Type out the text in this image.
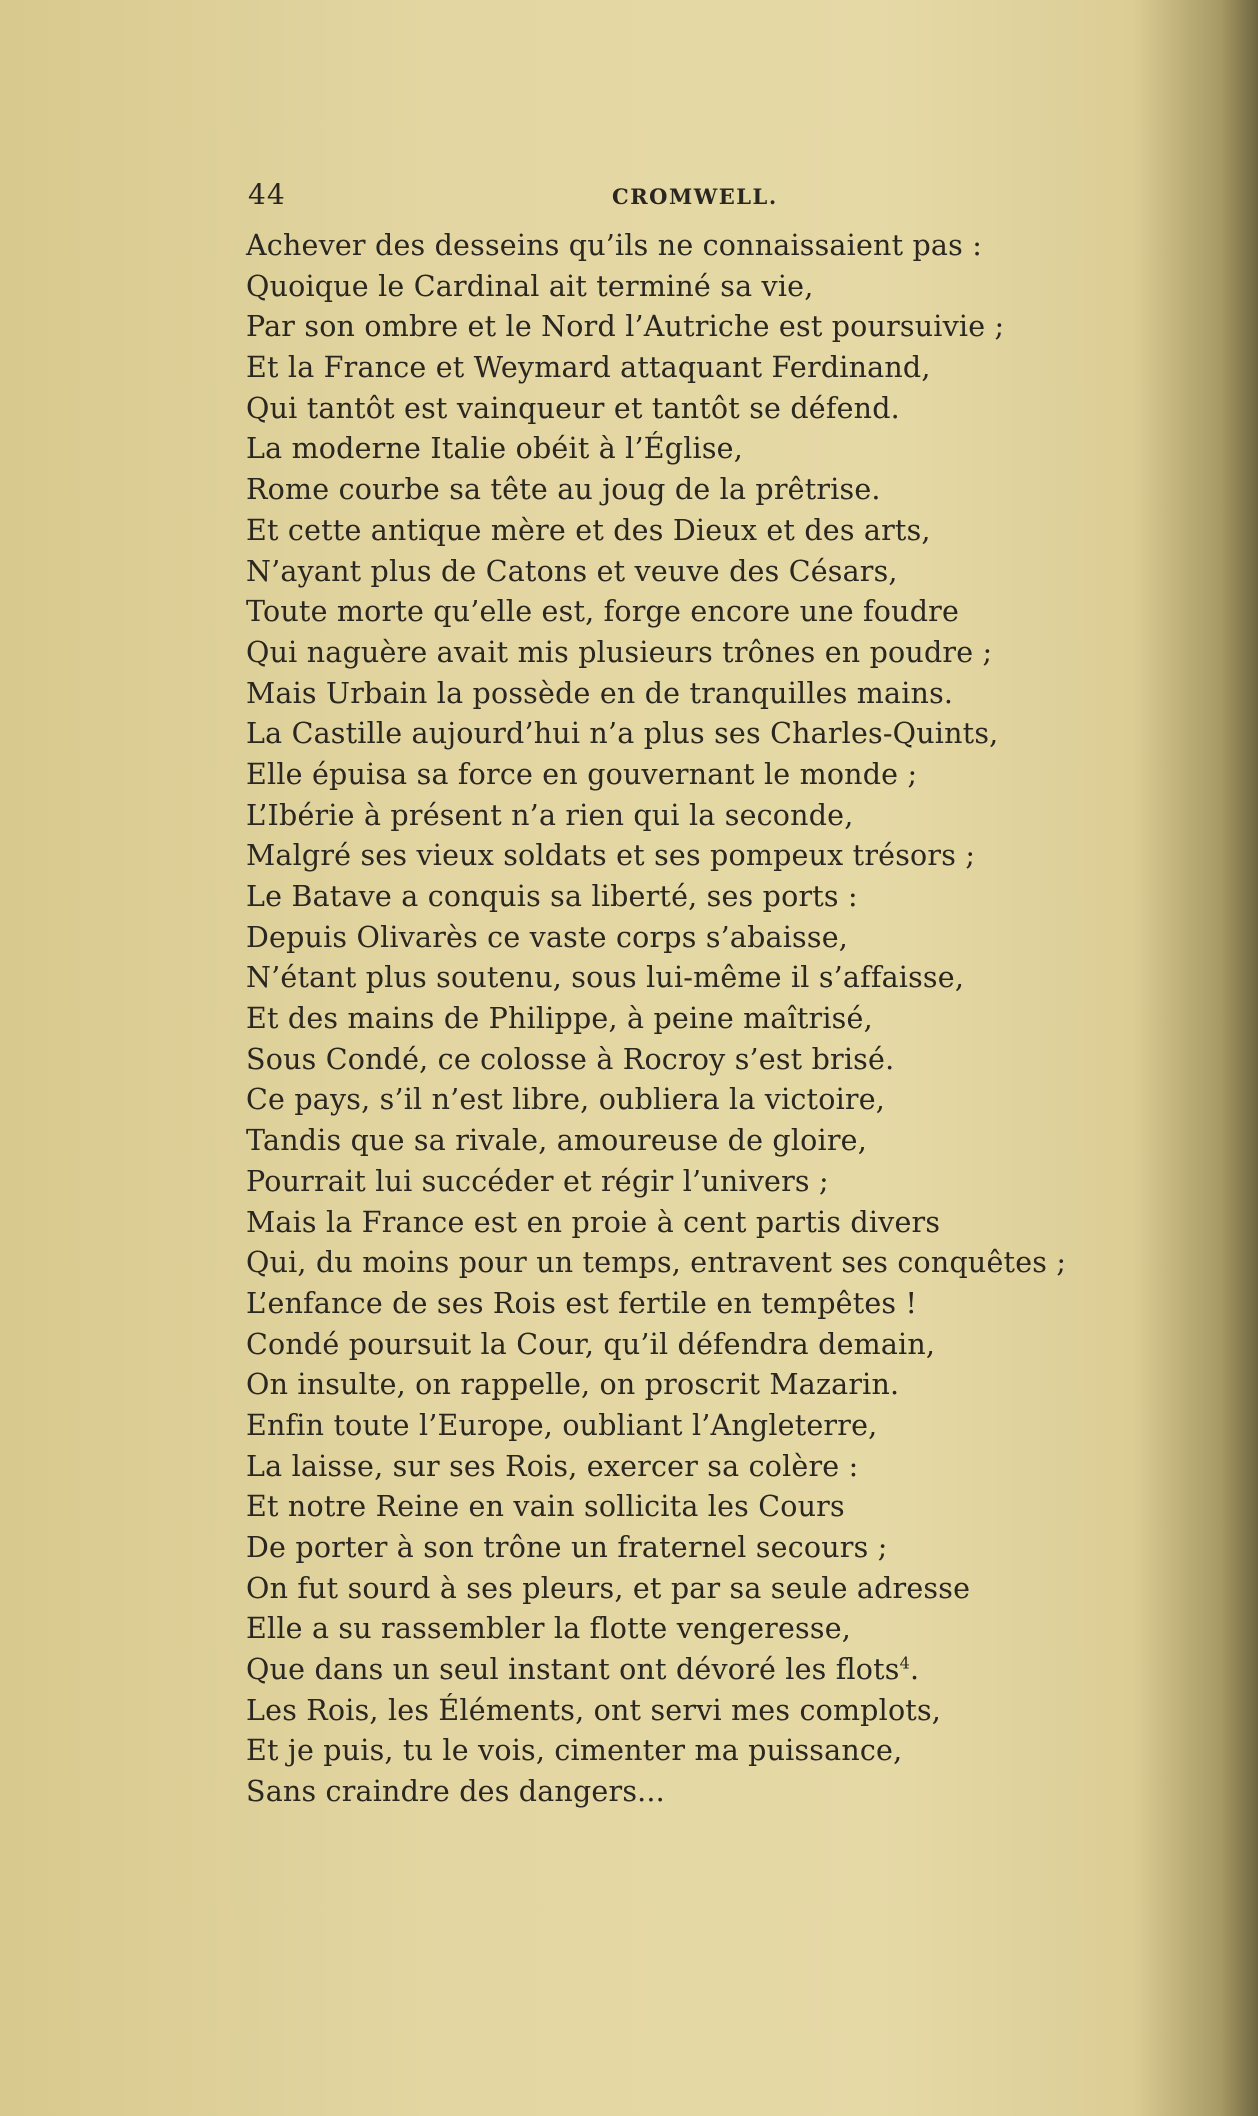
44	CROMWELL.
Achever des desseins qu’ils ne connaissaient pas :
Quoique le Cardinal ait terminé sa vie,
Par son ombre et le Nord l’Autriche est poursuivie ;
Et la France et Weymard attaquant Ferdinand,
Qui tantôt est vainqueur et tantôt se défend.
La moderne Italie obéit à l’Église,
Rome courbe sa tête au joug de la prêtrise.
Et cette antique mère et des Dieux et des arts,
N’ayant plus de Catons et veuve des Césars,
Toute morte qu’elle est, forge encore une foudre
Qui naguère avait mis plusieurs trônes en poudre ;
Mais Urbain la possède en de tranquilles mains.
La Castille aujourd’hui n’a plus ses Charles-Quints,
Elle épuisa sa force en gouvernant le monde ;
L’Ibérie à présent n’a rien qui la seconde,
Malgré ses vieux soldats et ses pompeux trésors ;
Le Batave a conquis sa liberté, ses ports :
Depuis Olivarès ce vaste corps s’abaisse,
N’étant plus soutenu, sous lui-même il s’affaisse,
Et des mains de Philippe, à peine maîtrisé,
Sous Condé, ce colosse à Rocroy s’est brisé.
Ce pays, s’il n’est libre, oubliera la victoire,
Tandis que sa rivale, amoureuse de gloire,
Pourrait lui succéder et régir l’univers ;
Mais la France est en proie à cent partis divers
Qui, du moins pour un temps, entravent ses conquêtes ;
L’enfance de ses Rois est fertile en tempêtes !
Condé poursuit la Cour, qu’il défendra demain,
On insulte, on rappelle, on proscrit Mazarin.
Enfin toute l’Europe, oubliant l’Angleterre,
La laisse, sur ses Rois, exercer sa colère :
Et notre Reine en vain sollicita les Cours
De porter à son trône un fraternel secours ;
On fut sourd à ses pleurs, et par sa seule adresse
Elle a su rassembler la flotte vengeresse,
Que dans un seul instant ont dévoré les flots$^4$.
Les Rois, les Éléments, ont servi mes complots,
Et je puis, tu le vois, cimenter ma puissance,
Sans craindre des dangers...
